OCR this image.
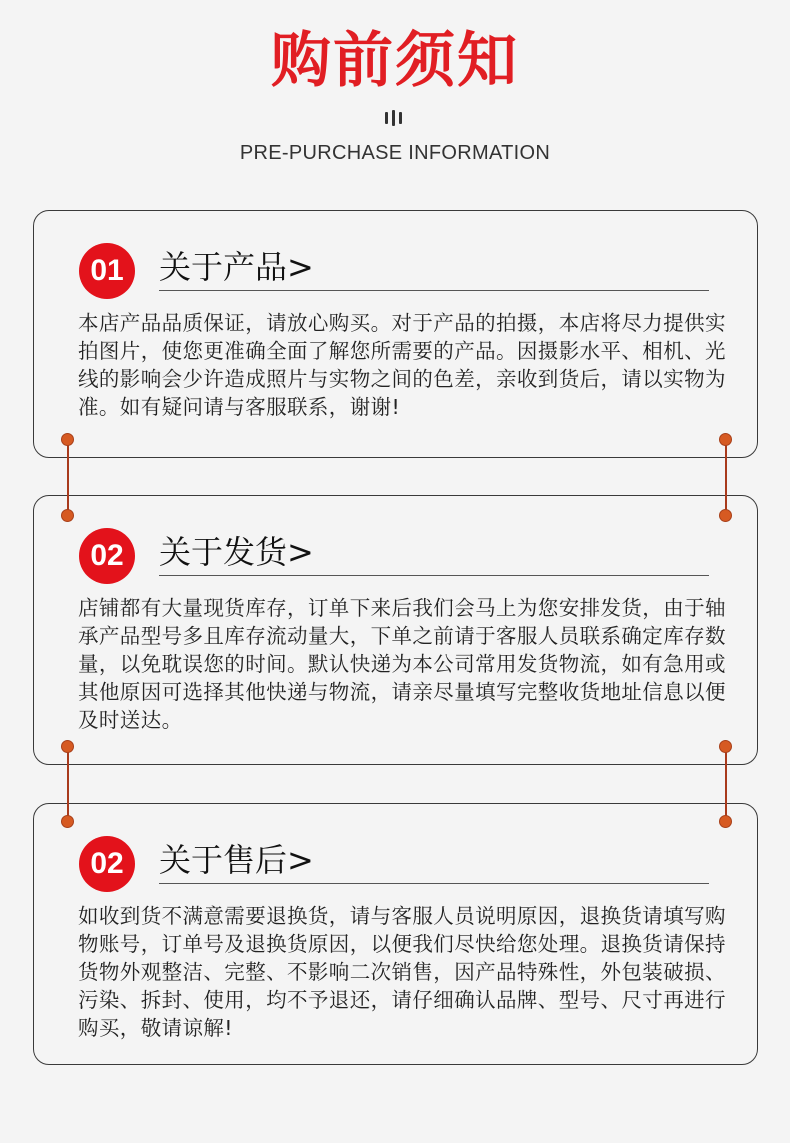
购前须知
PRE-PURCHASE INFORMATION
01	关于产品>
本店产品品质保证，请放心购买。对于产品的拍摄，本店将尽力提供实拍图片，使您更准确全面了解您所需要的产品。因摄影水平、相机、光线的影响会少许造成照片与实物之间的色差，亲收到货后，请以实物为准。如有疑问请与客服联系，谢谢!
02	关于发货>
店铺都有大量现货库存，订单下来后我们会马上为您安排发货，由于轴承产品型号多且库存流动量大，下单之前请于客服人员联系确定库存数量，以免耽误您的时间。默认快递为本公司常用发货物流，如有急用或其他原因可选择其他快递与物流，请亲尽量填写完整收货地址信息以便及时送达。
02	关于售后>
如收到货不满意需要退换货，请与客服人员说明原因，退换货请填写购物账号，订单号及退换货原因，以便我们尽快给您处理。退换货请保持货物外观整洁、完整、不影响二次销售，因产品特殊性，外包装破损、污染、拆封、使用，均不予退还，请仔细确认品牌、型号、尺寸再进行购买，敬请谅解!
